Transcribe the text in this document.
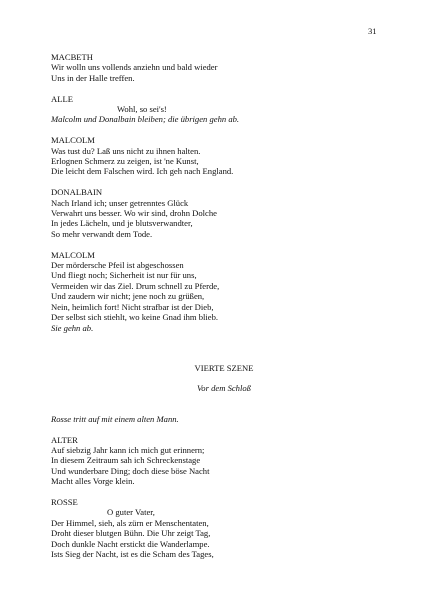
31
MACBETH
Wir wolln uns vollends anziehn und bald wieder
Uns in der Halle treffen.
ALLE
Wohl, so sei's!
Malcolm und Donalbain bleiben; die übrigen gehn ab.
MALCOLM
Was tust du? Laß uns nicht zu ihnen halten.
Erlognen Schmerz zu zeigen, ist 'ne Kunst,
Die leicht dem Falschen wird. Ich geh nach England.
DONALBAIN
Nach Irland ich; unser getrenntes Glück
Verwahrt uns besser. Wo wir sind, drohn Dolche
In jedes Lächeln, und je blutsverwandter,
So mehr verwandt dem Tode.
MALCOLM
Der mördersche Pfeil ist abgeschossen
Und fliegt noch; Sicherheit ist nur für uns,
Vermeiden wir das Ziel. Drum schnell zu Pferde,
Und zaudern wir nicht; jene noch zu grüßen,
Nein, heimlich fort! Nicht strafbar ist der Dieb,
Der selbst sich stiehlt, wo keine Gnad ihm blieb.
Sie gehn ab.
VIERTE SZENE
Vor dem Schloß
Rosse tritt auf mit einem alten Mann.
ALTER
Auf siebzig Jahr kann ich mich gut erinnern;
In diesem Zeitraum sah ich Schreckenstage
Und wunderbare Ding; doch diese böse Nacht
Macht alles Vorge klein.
ROSSE
O guter Vater,
Der Himmel, sieh, als zürn er Menschentaten,
Droht dieser blutgen Bühn. Die Uhr zeigt Tag,
Doch dunkle Nacht erstickt die Wanderlampe.
Ists Sieg der Nacht, ist es die Scham des Tages,
